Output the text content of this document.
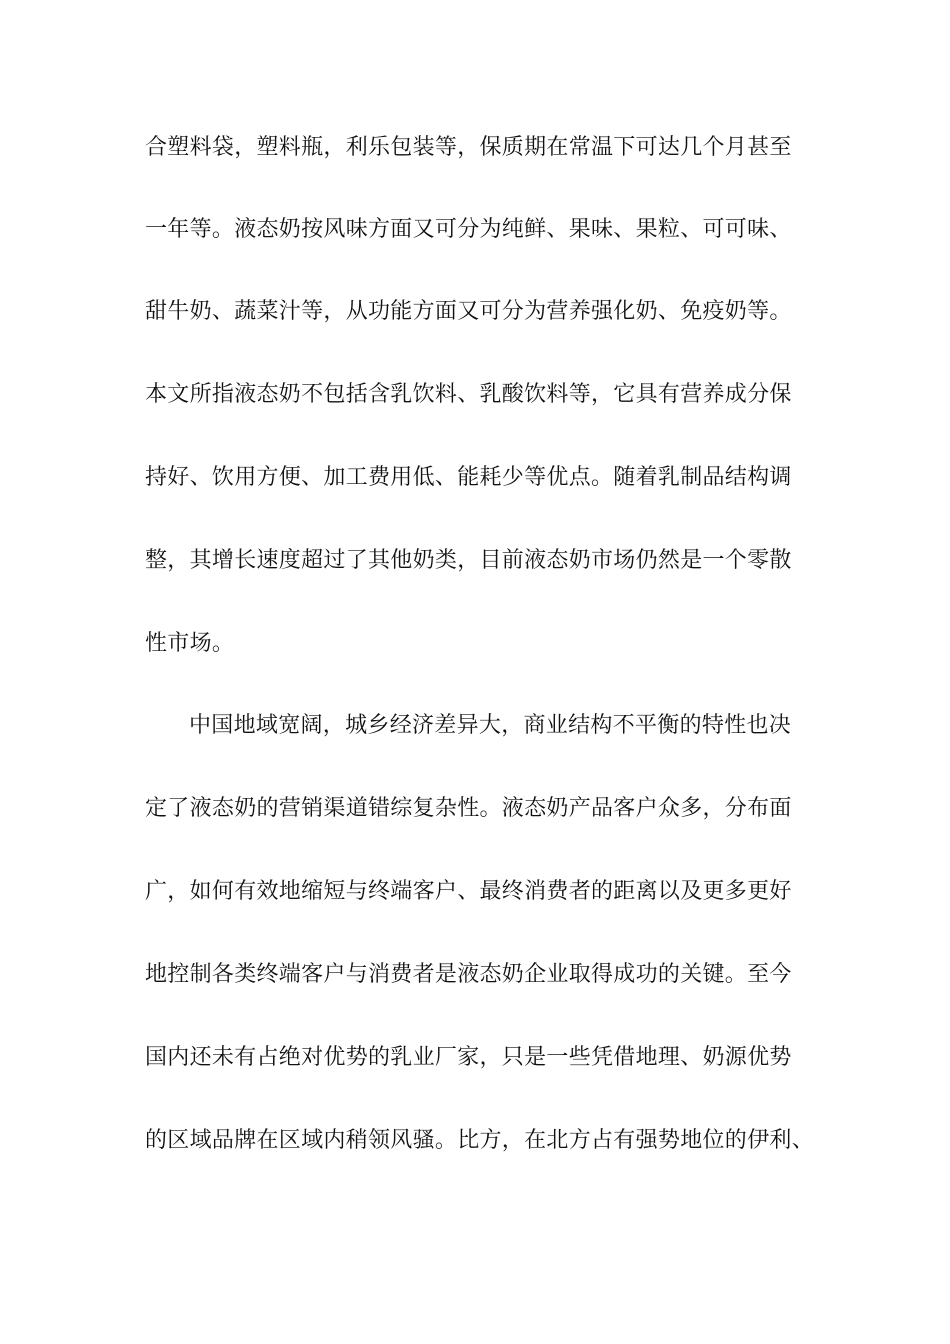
合塑料袋，塑料瓶，利乐包装等，保质期在常温下可达几个月甚至
一年等。液态奶按风味方面又可分为纯鲜、果味、果粒、可可味、
甜牛奶、蔬菜汁等，从功能方面又可分为营养强化奶、免疫奶等。
本文所指液态奶不包括含乳饮料、乳酸饮料等，它具有营养成分保
持好、饮用方便、加工费用低、能耗少等优点。随着乳制品结构调
整，其增长速度超过了其他奶类，目前液态奶市场仍然是一个零散
性市场。
中国地域宽阔，城乡经济差异大，商业结构不平衡的特性也决
定了液态奶的营销渠道错综复杂性。液态奶产品客户众多，分布面
广，如何有效地缩短与终端客户、最终消费者的距离以及更多更好
地控制各类终端客户与消费者是液态奶企业取得成功的关键。至今
国内还未有占绝对优势的乳业厂家，只是一些凭借地理、奶源优势
的区域品牌在区域内稍领风骚。比方，在北方占有强势地位的伊利、
